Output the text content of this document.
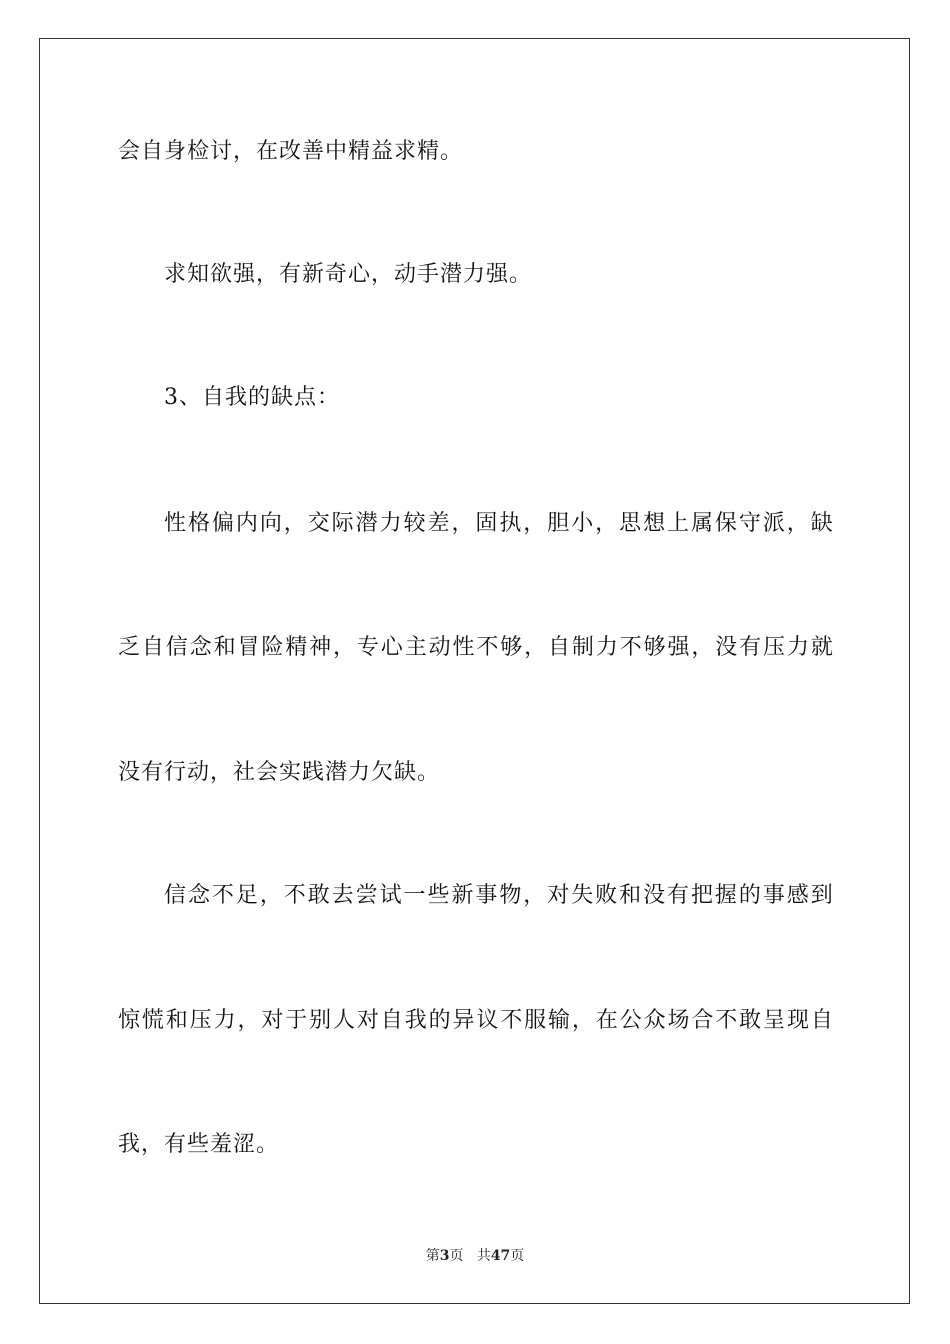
会自身检讨，在改善中精益求精。
求知欲强，有新奇心，动手潜力强。
3、自我的缺点：
性 格 偏 内 向 ， 交 际 潜 力 较 差 ， 固 执 ， 胆 小 ， 思 想 上 属 保 守 派 ， 缺
乏 自 信 念 和 冒 险 精 神 ， 专 心 主 动 性 不 够 ， 自 制 力 不 够 强 ， 没 有 压 力 就
没有行动，社会实践潜力欠缺。
信 念 不 足 ， 不 敢 去 尝 试 一 些 新 事 物 ， 对 失 败 和 没 有 把 握 的 事 感 到
惊 慌 和 压 力 ， 对 于 别 人 对 自 我 的 异 议 不 服 输 ， 在 公 众 场 合 不 敢 呈 现 自
我，有些羞涩。
第3页 共47页
